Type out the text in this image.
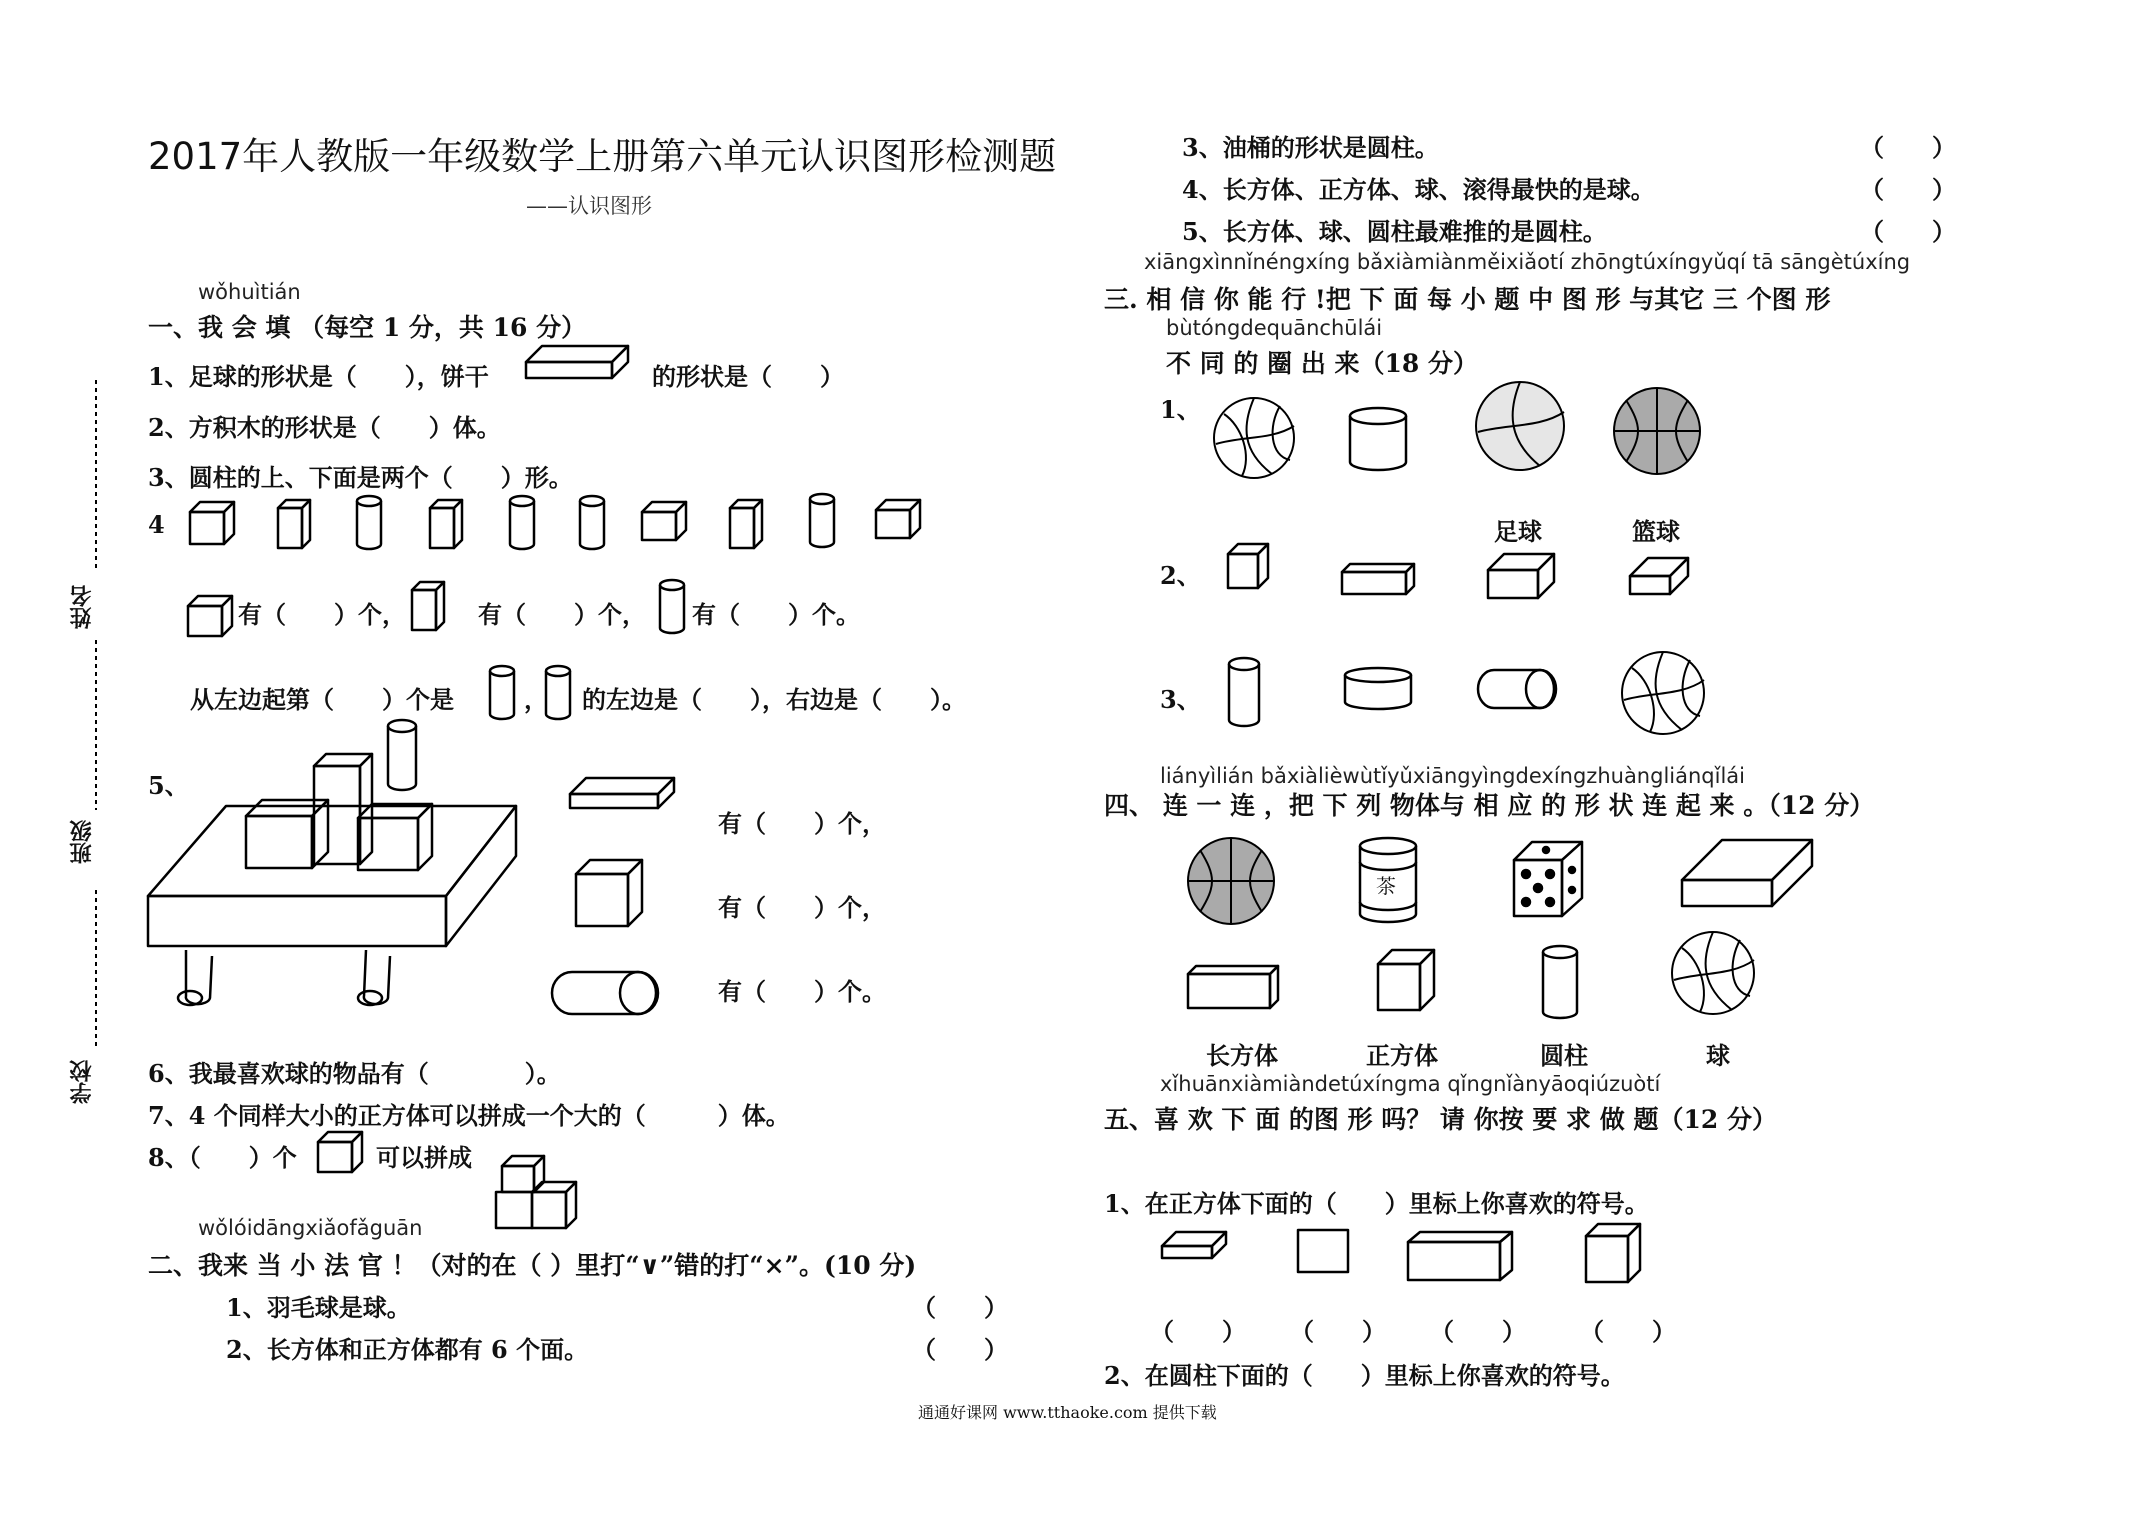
2017年人教版一年级数学上册第六单元认识图形检测题
——认识图形
姓名
班级
学校
wǒhuìtián
一、我 会 填 （每空 1 分，共 16 分）
1、足球的形状是（　　），饼干	的形状是（　　）
2、方积木的形状是（　　）体。
3、圆柱的上、下面是两个（　　）形。
4
有（　　）个，	有（　　）个， 有（　　）个。
从左边起第（　　）个是	， 的左边是（　　），右边是（　　）。
5、
有（　　）个，
有（　　）个，
有（　　）个。
6、我最喜欢球的物品有（　　　　）。
7、4 个同样大小的正方体可以拼成一个大的（　　　）体。
8、（　　）个	可以拼成
wǒlóidāngxiǎofǎguān
二、我来 当 小 法 官 ！（对的在（ ）里打“∨”错的打“×”。(10 分)
1、羽毛球是球。	（　　）
2、长方体和正方体都有 6 个面。	（　　）
3、油桶的形状是圆柱。	（　　）
4、长方体、正方体、球、滚得最快的是球。	（　　）
5、长方体、球、圆柱最难推的是圆柱。	（　　）
xiāngxìnnǐnéngxíng bǎxiàmiànměixiǎotí zhōngtúxíngyǔqí tā sāngètúxíng
三. 相 信 你 能 行 !把 下 面 每 小 题 中 图 形 与其它 三 个图 形
bùtóngdequānchūlái
不 同 的 圈 出 来（18 分）
1、
足球	篮球
2、
3、
liányìlián bǎxiàlièwùtǐyǔxiāngyìngdexíngzhuàngliánqǐlái
四、 连 一 连 ，把 下 列 物体与 相 应 的 形 状 连 起 来 。（12 分）
茶
长方体	正方体	圆柱	球
xǐhuānxiàmiàndetúxíngma qǐngnǐànyāoqiúzuòtí
五、喜 欢 下 面 的图 形 吗？ 请 你按 要 求 做 题（12 分）
1、在正方体下面的（　　）里标上你喜欢的符号。
（　　） （　　） （　　） （　　）
2、在圆柱下面的（　　）里标上你喜欢的符号。
通通好课网 www.tthaoke.com 提供下载
